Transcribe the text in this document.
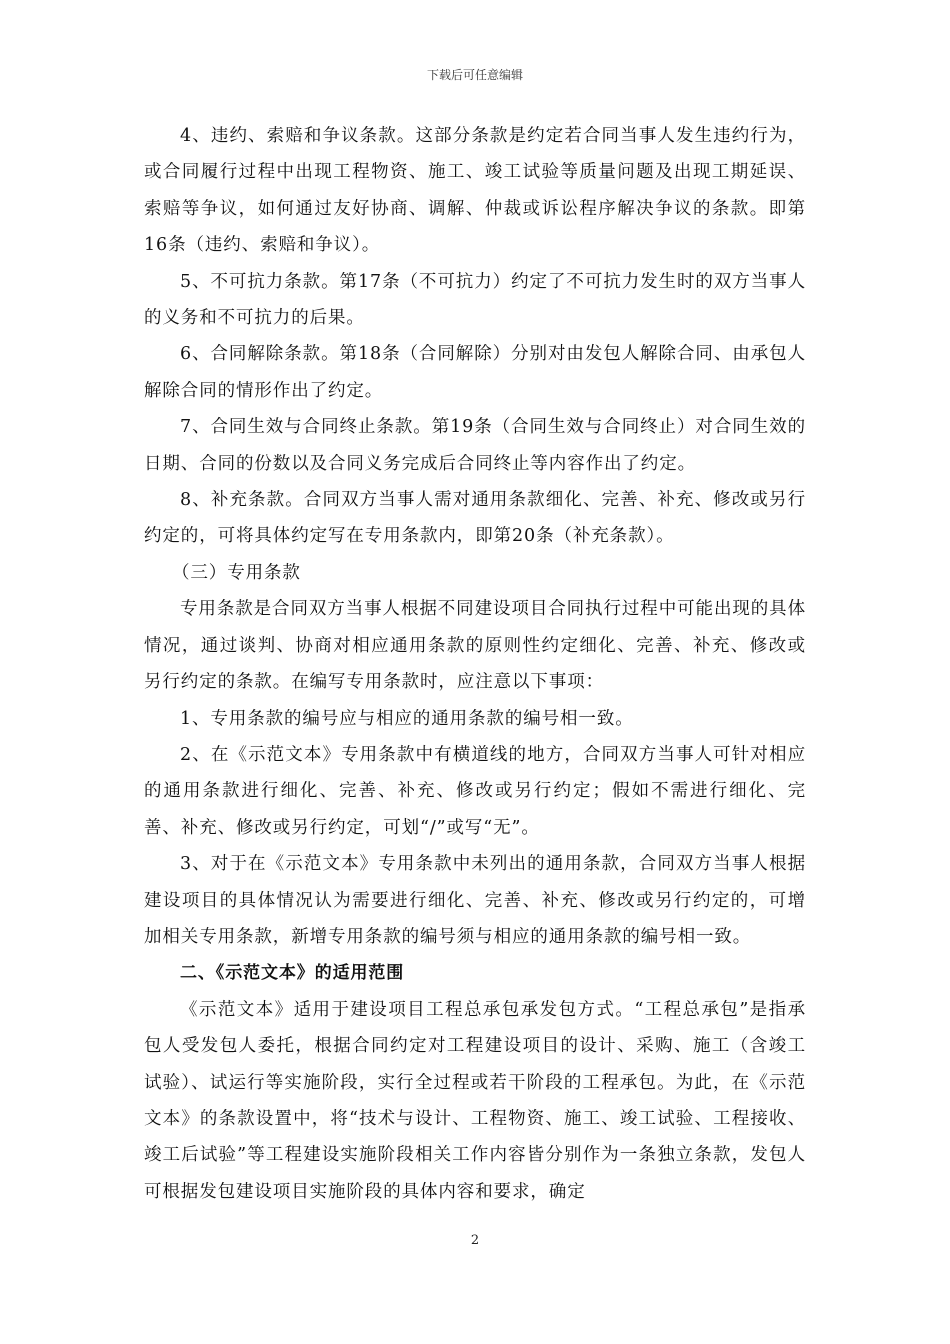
下载后可任意编辑

4、违约、索赔和争议条款。这部分条款是约定若合同当事人发生违约行为，或合同履行过程中出现工程物资、施工、竣工试验等质量问题及出现工期延误、索赔等争议，如何通过友好协商、调解、仲裁或诉讼程序解决争议的条款。即第16条（违约、索赔和争议）。

5、不可抗力条款。第17条（不可抗力）约定了不可抗力发生时的双方当事人的义务和不可抗力的后果。

6、合同解除条款。第18条（合同解除）分别对由发包人解除合同、由承包人解除合同的情形作出了约定。

7、合同生效与合同终止条款。第19条（合同生效与合同终止）对合同生效的日期、合同的份数以及合同义务完成后合同终止等内容作出了约定。

8、补充条款。合同双方当事人需对通用条款细化、完善、补充、修改或另行约定的，可将具体约定写在专用条款内，即第20条（补充条款）。

（三）专用条款

专用条款是合同双方当事人根据不同建设项目合同执行过程中可能出现的具体情况，通过谈判、协商对相应通用条款的原则性约定细化、完善、补充、修改或另行约定的条款。在编写专用条款时，应注意以下事项：

1、专用条款的编号应与相应的通用条款的编号相一致。

2、在《示范文本》专用条款中有横道线的地方，合同双方当事人可针对相应的通用条款进行细化、完善、补充、修改或另行约定；假如不需进行细化、完善、补充、修改或另行约定，可划“/”或写“无”。

3、对于在《示范文本》专用条款中未列出的通用条款，合同双方当事人根据建设项目的具体情况认为需要进行细化、完善、补充、修改或另行约定的，可增加相关专用条款，新增专用条款的编号须与相应的通用条款的编号相一致。

二、《示范文本》的适用范围

《示范文本》适用于建设项目工程总承包承发包方式。“工程总承包”是指承包人受发包人委托，根据合同约定对工程建设项目的设计、采购、施工（含竣工试验）、试运行等实施阶段，实行全过程或若干阶段的工程承包。为此，在《示范文本》的条款设置中，将“技术与设计、工程物资、施工、竣工试验、工程接收、竣工后试验”等工程建设实施阶段相关工作内容皆分别作为一条独立条款，发包人可根据发包建设项目实施阶段的具体内容和要求，确定

2
